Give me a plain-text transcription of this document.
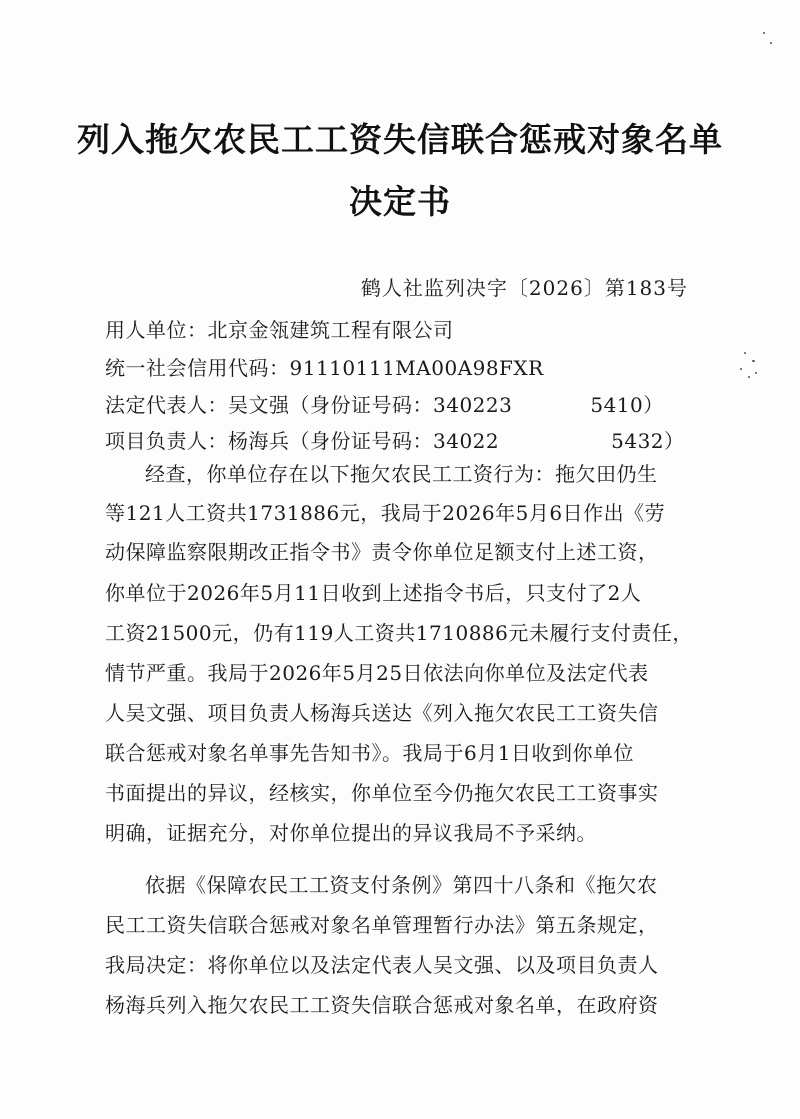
列入拖欠农民工工资失信联合惩戒对象名单
决定书
鹤人社监列决字〔2026〕第183号
用人单位：北京金瓴建筑工程有限公司
统一社会信用代码：91110111MA00A98FXR
法定代表人：吴文强（身份证号码：340223	5410）
项目负责人：杨海兵（身份证号码：34022	5432）
经查，你单位存在以下拖欠农民工工资行为：拖欠田仍生
等121人工资共1731886元，我局于2026年5月6日作出《劳
动保障监察限期改正指令书》责令你单位足额支付上述工资，
你单位于2026年5月11日收到上述指令书后，只支付了2人
工资21500元，仍有119人工资共1710886元未履行支付责任，
情节严重。我局于2026年5月25日依法向你单位及法定代表
人吴文强、项目负责人杨海兵送达《列入拖欠农民工工资失信
联合惩戒对象名单事先告知书》。我局于6月1日收到你单位
书面提出的异议，经核实，你单位至今仍拖欠农民工工资事实
明确，证据充分，对你单位提出的异议我局不予采纳。
依据《保障农民工工资支付条例》第四十八条和《拖欠农
民工工资失信联合惩戒对象名单管理暂行办法》第五条规定，
我局决定：将你单位以及法定代表人吴文强、以及项目负责人
杨海兵列入拖欠农民工工资失信联合惩戒对象名单，在政府资
